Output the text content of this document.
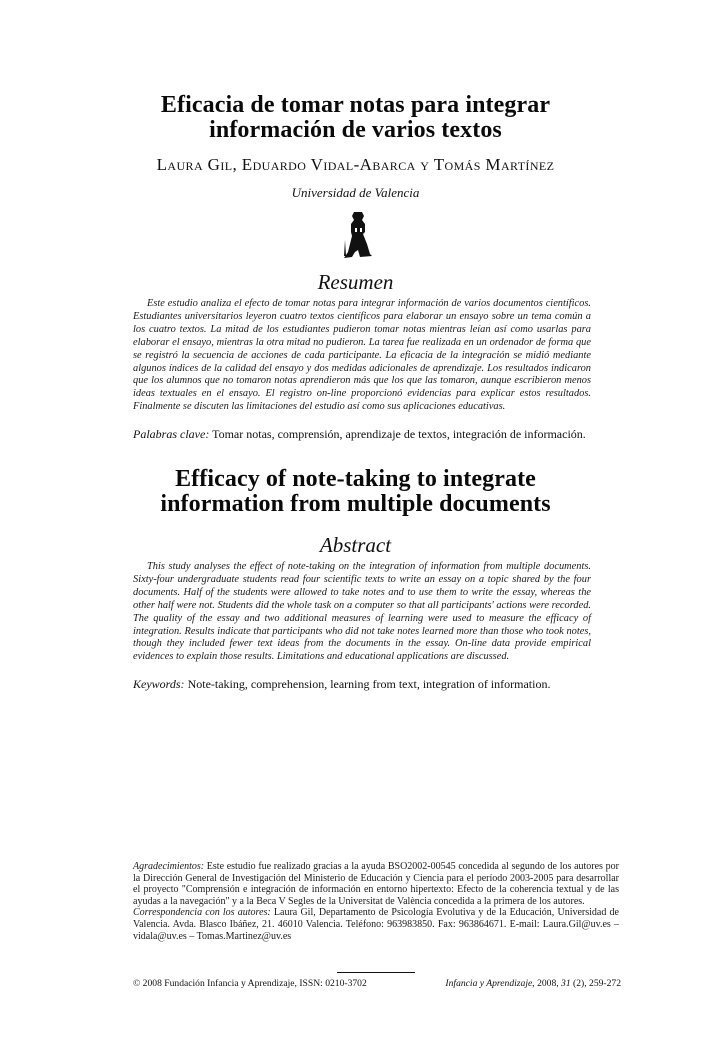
Eficacia de tomar notas para integrar
información de varios textos
Laura Gil, Eduardo Vidal-Abarca y Tomás Martínez
Universidad de Valencia
Resumen

Este estudio analiza el efecto de tomar notas para integrar información de varios documentos científicos. Estudiantes universitarios leyeron cuatro textos científicos para elaborar un ensayo sobre un tema común a los cuatro textos. La mitad de los estudiantes pudieron tomar notas mientras leían así como usarlas para elaborar el ensayo, mientras la otra mitad no pudieron. La tarea fue realizada en un ordenador de forma que se registró la secuencia de acciones de cada participante. La eficacia de la integración se midió mediante algunos índices de la calidad del ensayo y dos medidas adicionales de aprendizaje. Los resultados indicaron que los alumnos que no tomaron notas aprendieron más que los que las tomaron, aunque escribieron menos ideas textuales en el ensayo. El registro on-line proporcionó evidencias para explicar estos resultados. Finalmente se discuten las limitaciones del estudio así como sus aplicaciones educativas.

Palabras clave: Tomar notas, comprensión, aprendizaje de textos, integración de información.
Efficacy of note-taking to integrate
information from multiple documents
Abstract

This study analyses the effect of note-taking on the integration of information from multiple documents. Sixty-four undergraduate students read four scientific texts to write an essay on a topic shared by the four documents. Half of the students were allowed to take notes and to use them to write the essay, whereas the other half were not. Students did the whole task on a computer so that all participants' actions were recorded. The quality of the essay and two additional measures of learning were used to measure the efficacy of integration. Results indicate that participants who did not take notes learned more than those who took notes, though they included fewer text ideas from the documents in the essay. On-line data provide empirical evidences to explain those results. Limitations and educational applications are discussed.

Keywords: Note-taking, comprehension, learning from text, integration of information.

Agradecimientos: Este estudio fue realizado gracias a la ayuda BSO2002-00545 concedida al segundo de los autores por la Dirección General de Investigación del Ministerio de Educación y Ciencia para el período 2003-2005 para desarrollar el proyecto "Comprensión e integración de información en entorno hipertexto: Efecto de la coherencia textual y de las ayudas a la navegación" y a la Beca V Segles de la Universitat de València concedida a la primera de los autores.

Correspondencia con los autores: Laura Gil, Departamento de Psicología Evolutiva y de la Educación, Universidad de Valencia. Avda. Blasco Ibáñez, 21. 46010 Valencia. Teléfono: 963983850. Fax: 963864671. E-mail: Laura.Gil@uv.es – vidala@uv.es – Tomas.Martinez@uv.es

© 2008 Fundación Infancia y Aprendizaje, ISSN: 0210-3702	Infancia y Aprendizaje, 2008, 31 (2), 259-272
